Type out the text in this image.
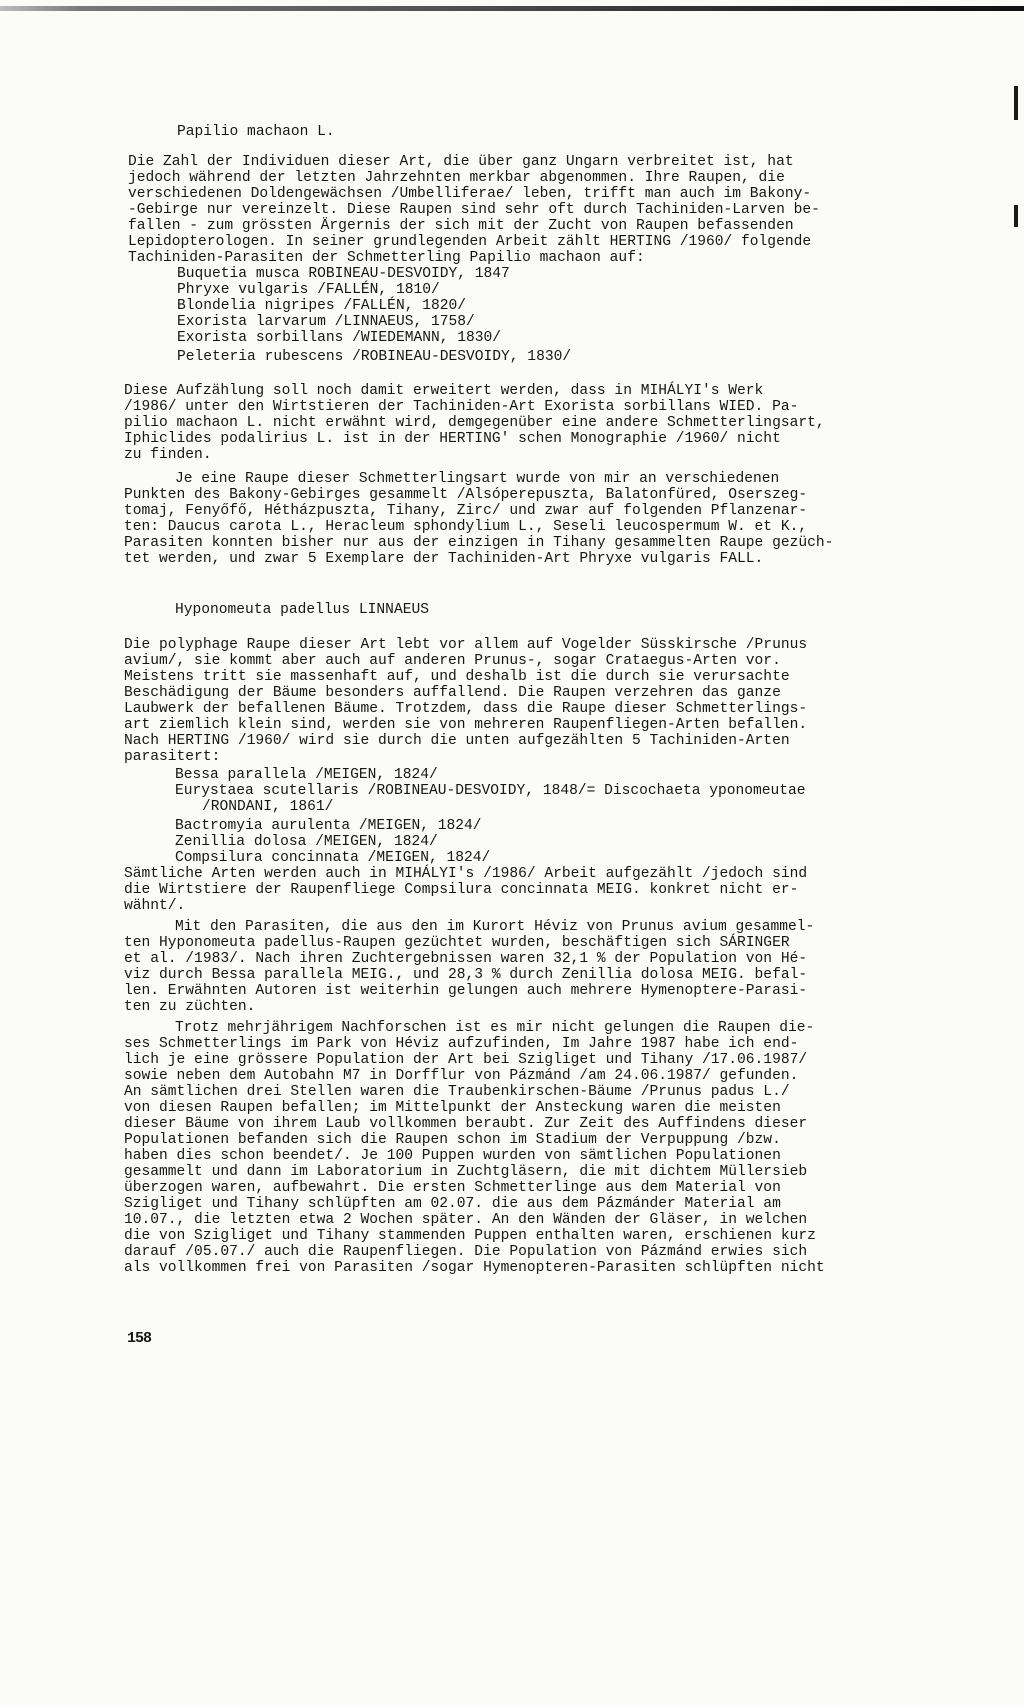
Papilio machaon L.

Die Zahl der Individuen dieser Art, die über ganz Ungarn verbreitet ist, hat

jedoch während der letzten Jahrzehnten merkbar abgenommen. Ihre Raupen, die

verschiedenen Doldengewächsen /Umbelliferae/ leben, trifft man auch im Bakony-

-Gebirge nur vereinzelt. Diese Raupen sind sehr oft durch Tachiniden-Larven be-

fallen - zum grössten Ärgernis der sich mit der Zucht von Raupen befassenden

Lepidopterologen. In seiner grundlegenden Arbeit zählt HERTING /1960/ folgende

Tachiniden-Parasiten der Schmetterling Papilio machaon auf:

Buquetia musca ROBINEAU-DESVOIDY, 1847

Phryxe vulgaris /FALLÉN, 1810/

Blondelia nigripes /FALLÉN, 1820/

Exorista larvarum /LINNAEUS, 1758/

Exorista sorbillans /WIEDEMANN, 1830/

Peleteria rubescens /ROBINEAU-DESVOIDY, 1830/

Diese Aufzählung soll noch damit erweitert werden, dass in MIHÁLYI's Werk

/1986/ unter den Wirtstieren der Tachiniden-Art Exorista sorbillans WIED. Pa-

pilio machaon L. nicht erwähnt wird, demgegenüber eine andere Schmetterlingsart,

Iphiclides podalirius L. ist in der HERTING' schen Monographie /1960/ nicht

zu finden.

Je eine Raupe dieser Schmetterlingsart wurde von mir an verschiedenen

Punkten des Bakony-Gebirges gesammelt /Alsóperepuszta, Balatonfüred, Oserszeg-

tomaj, Fenyőfő, Hétházpuszta, Tihany, Zirc/ und zwar auf folgenden Pflanzenar-

ten: Daucus carota L., Heracleum sphondylium L., Seseli leucospermum W. et K.,

Parasiten konnten bisher nur aus der einzigen in Tihany gesammelten Raupe gezüch-

tet werden, und zwar 5 Exemplare der Tachiniden-Art Phryxe vulgaris FALL.

Hyponomeuta padellus LINNAEUS

Die polyphage Raupe dieser Art lebt vor allem auf Vogelder Süsskirsche /Prunus

avium/, sie kommt aber auch auf anderen Prunus-, sogar Crataegus-Arten vor.

Meistens tritt sie massenhaft auf, und deshalb ist die durch sie verursachte

Beschädigung der Bäume besonders auffallend. Die Raupen verzehren das ganze

Laubwerk der befallenen Bäume. Trotzdem, dass die Raupe dieser Schmetterlings-

art ziemlich klein sind, werden sie von mehreren Raupenfliegen-Arten befallen.

Nach HERTING /1960/ wird sie durch die unten aufgezählten 5 Tachiniden-Arten

parasitert:

Bessa parallela /MEIGEN, 1824/

Eurystaea scutellaris /ROBINEAU-DESVOIDY, 1848/= Discochaeta yponomeutae

/RONDANI, 1861/

Bactromyia aurulenta /MEIGEN, 1824/

Zenillia dolosa /MEIGEN, 1824/

Compsilura concinnata /MEIGEN, 1824/

Sämtliche Arten werden auch in MIHÁLYI's /1986/ Arbeit aufgezählt /jedoch sind

die Wirtstiere der Raupenfliege Compsilura concinnata MEIG. konkret nicht er-

wähnt/.

Mit den Parasiten, die aus den im Kurort Héviz von Prunus avium gesammel-

ten Hyponomeuta padellus-Raupen gezüchtet wurden, beschäftigen sich SÁRINGER

et al. /1983/. Nach ihren Zuchtergebnissen waren 32,1 % der Population von Hé-

viz durch Bessa parallela MEIG., und 28,3 % durch Zenillia dolosa MEIG. befal-

len. Erwähnten Autoren ist weiterhin gelungen auch mehrere Hymenoptere-Parasi-

ten zu züchten.

Trotz mehrjährigem Nachforschen ist es mir nicht gelungen die Raupen die-

ses Schmetterlings im Park von Héviz aufzufinden, Im Jahre 1987 habe ich end-

lich je eine grössere Population der Art bei Szigliget und Tihany /17.06.1987/

sowie neben dem Autobahn M7 in Dorfflur von Pázmánd /am 24.06.1987/ gefunden.

An sämtlichen drei Stellen waren die Traubenkirschen-Bäume /Prunus padus L./

von diesen Raupen befallen; im Mittelpunkt der Ansteckung waren die meisten

dieser Bäume von ihrem Laub vollkommen beraubt. Zur Zeit des Auffindens dieser

Populationen befanden sich die Raupen schon im Stadium der Verpuppung /bzw.

haben dies schon beendet/. Je 100 Puppen wurden von sämtlichen Populationen

gesammelt und dann im Laboratorium in Zuchtgläsern, die mit dichtem Müllersieb

überzogen waren, aufbewahrt. Die ersten Schmetterlinge aus dem Material von

Szigliget und Tihany schlüpften am 02.07. die aus dem Pázmánder Material am

10.07., die letzten etwa 2 Wochen später. An den Wänden der Gläser, in welchen

die von Szigliget und Tihany stammenden Puppen enthalten waren, erschienen kurz

darauf /05.07./ auch die Raupenfliegen. Die Population von Pázmánd erwies sich

als vollkommen frei von Parasiten /sogar Hymenopteren-Parasiten schlüpften nicht

158
